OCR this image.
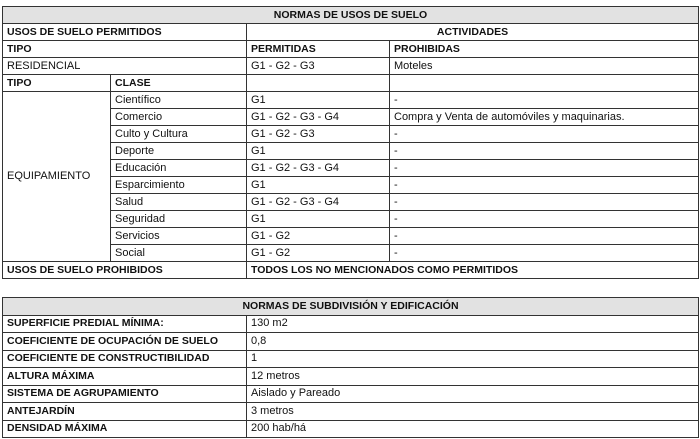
NORMAS DE USOS DE SUELO			
USOS DE SUELO PERMITIDOS		ACTIVIDADES	
TIPO		PERMITIDAS	PROHIBIDAS
RESIDENCIAL		G1 - G2 - G3	Moteles
TIPO	CLASE		
EQUIPAMIENTO	Científico	G1	-
	Comercio	G1 - G2 - G3 - G4	Compra y Venta de automóviles y maquinarias.
	Culto y Cultura	G1 - G2 - G3	-
	Deporte	G1	-
	Educación	G1 - G2 - G3 - G4	-
	Esparcimiento	G1	-
	Salud	G1 - G2 - G3 - G4	-
	Seguridad	G1	-
	Servicios	G1 - G2	-
	Social	G1 - G2	-
USOS DE SUELO PROHIBIDOS		TODOS LOS NO MENCIONADOS COMO PERMITIDOS	
NORMAS DE SUBDIVISIÓN Y EDIFICACIÓN	
SUPERFICIE PREDIAL MÍNIMA:	130 m2
COEFICIENTE DE OCUPACIÓN DE SUELO	0,8
COEFICIENTE DE CONSTRUCTIBILIDAD	1
ALTURA MÁXIMA	12 metros
SISTEMA DE AGRUPAMIENTO	Aislado y Pareado
ANTEJARDÍN	3 metros
DENSIDAD MÁXIMA	200 hab/há
